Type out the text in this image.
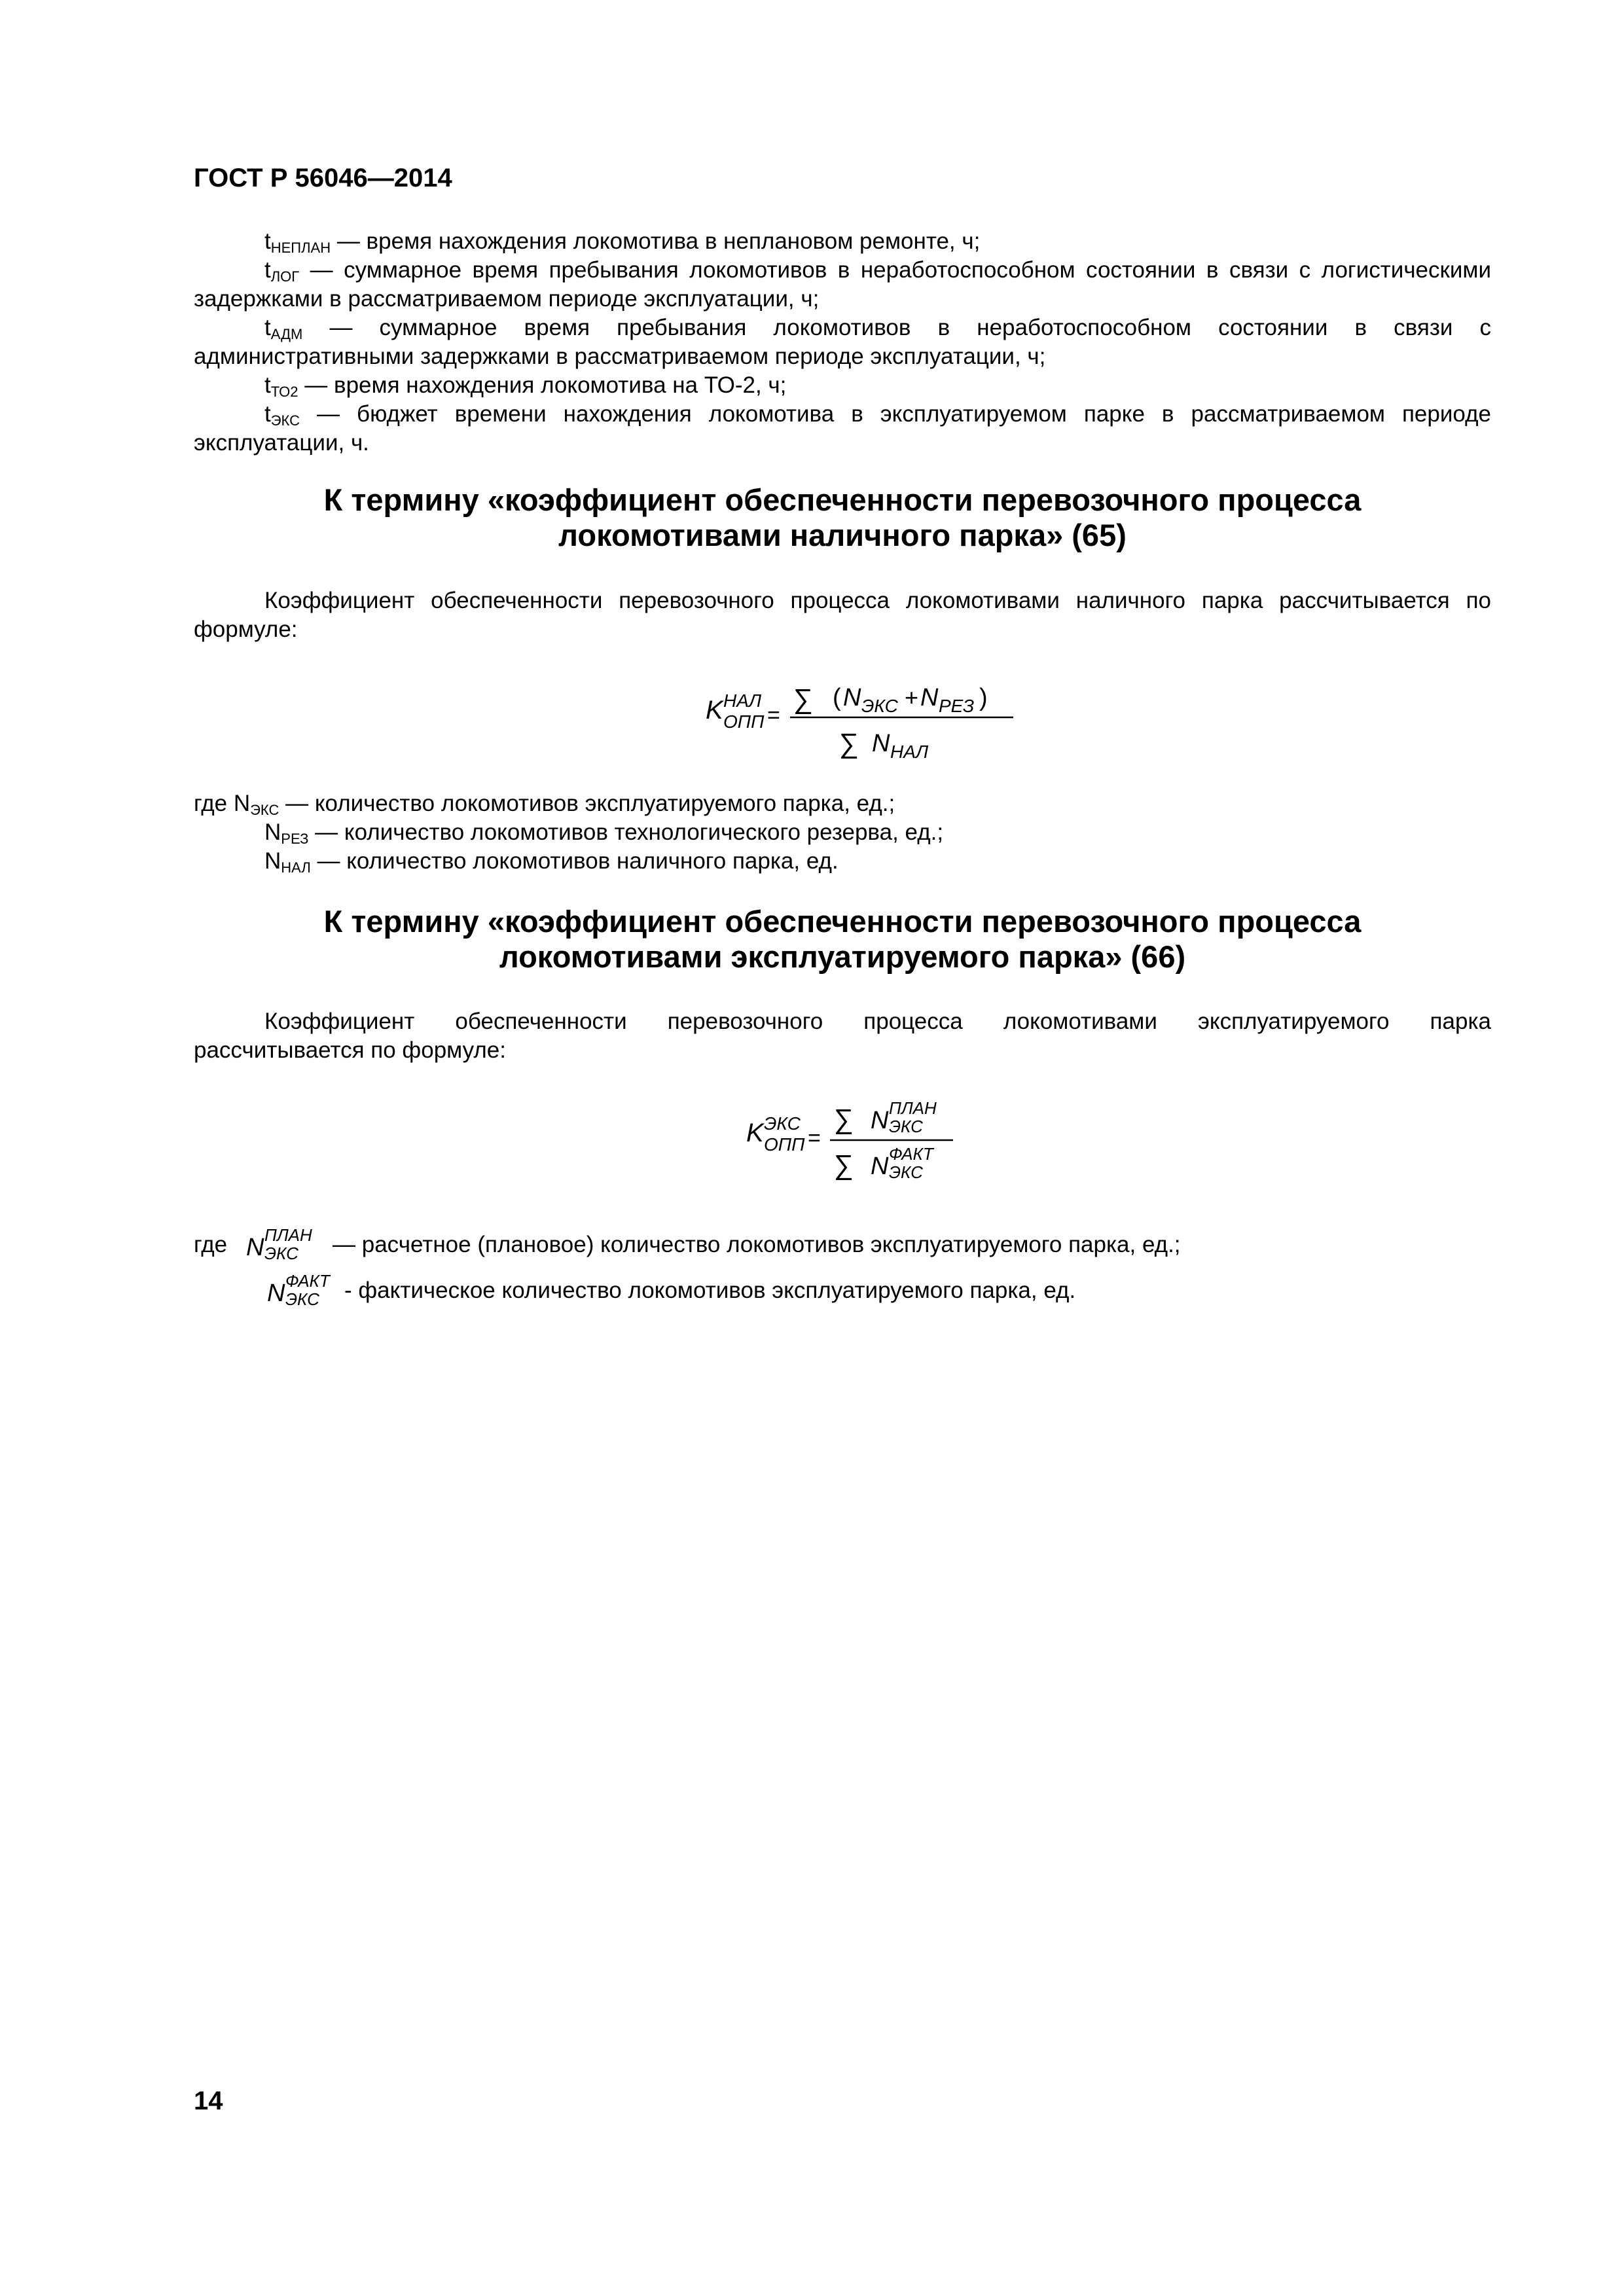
ГОСТ Р 56046—2014
$t_{НЕПЛАН}$ — время нахождения локомотива в неплановом ремонте, ч;
$t_{ЛОГ}$ — суммарное время пребывания локомотивов в неработоспособном состоянии в связи с логистическими задержками в рассматриваемом периоде эксплуатации, ч;
$t_{АДМ}$ — суммарное время пребывания локомотивов в неработоспособном состоянии в связи с административными задержками в рассматриваемом периоде эксплуатации, ч;
$t_{ТО2}$ — время нахождения локомотива на ТО-2, ч;
$t_{ЭКС}$ — бюджет времени нахождения локомотива в эксплуатируемом парке в рассматриваемом периоде эксплуатации, ч.
К термину «коэффициент обеспеченности перевозочного процесса
локомотивами наличного парка» (65)
Коэффициент обеспеченности перевозочного процесса локомотивами наличного парка рассчитывается по формуле:
K НАЛ
ОПП =
∑ ( N ЭКС + N РЕЗ )
∑ N НАЛ
где $N_{ЭКС}$ — количество локомотивов эксплуатируемого парка, ед.;
$N_{РЕЗ}$ — количество локомотивов технологического резерва, ед.;
$N_{НАЛ}$ — количество локомотивов наличного парка, ед.
К термину «коэффициент обеспеченности перевозочного процесса
локомотивами эксплуатируемого парка» (66)
Коэффициент обеспеченности перевозочного процесса локомотивами эксплуатируемого парка
рассчитывается по формуле:
K ЭКС
ОПП =
∑ N ПЛАН
ЭКС
∑ N ФАКТ
ЭКС
где N ПЛАН
ЭКС — расчетное (плановое) количество локомотивов эксплуатируемого парка, ед.;
N ФАКТ
ЭКС - фактическое количество локомотивов эксплуатируемого парка, ед.
14
